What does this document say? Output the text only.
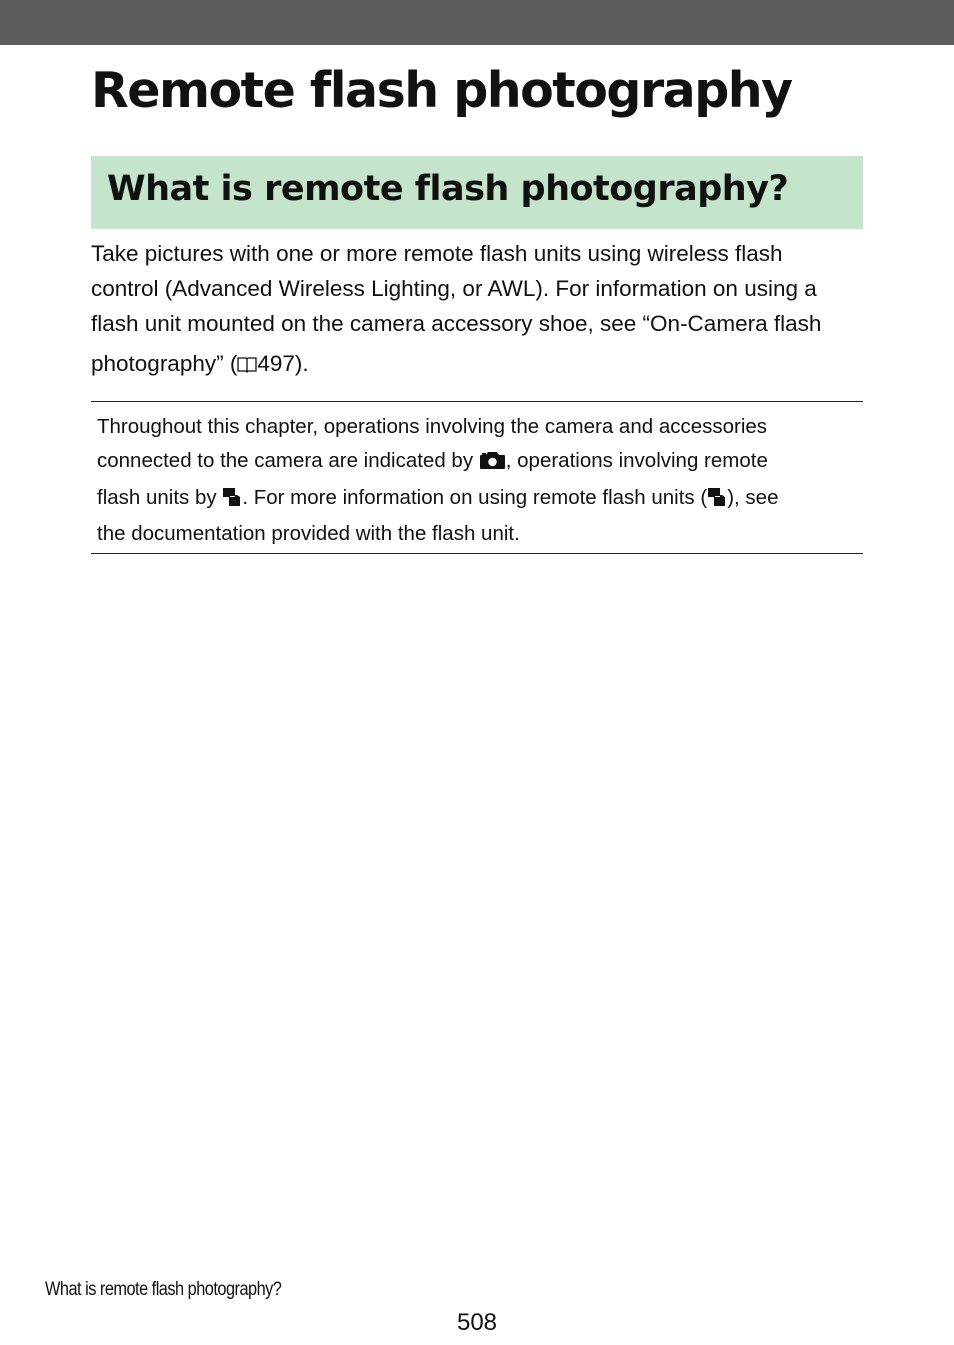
Remote flash photography
What is remote flash photography?

Take pictures with one or more remote flash units using wireless flash
control (Advanced Wireless Lighting, or AWL). For information on using a
flash unit mounted on the camera accessory shoe, see “On-Camera flash
photography” ( 497).

Throughout this chapter, operations involving the camera and accessories
connected to the camera are indicated by , operations involving remote
flash units by . For more information on using remote flash units ( ), see
the documentation provided with the flash unit.

What is remote flash photography?
508
